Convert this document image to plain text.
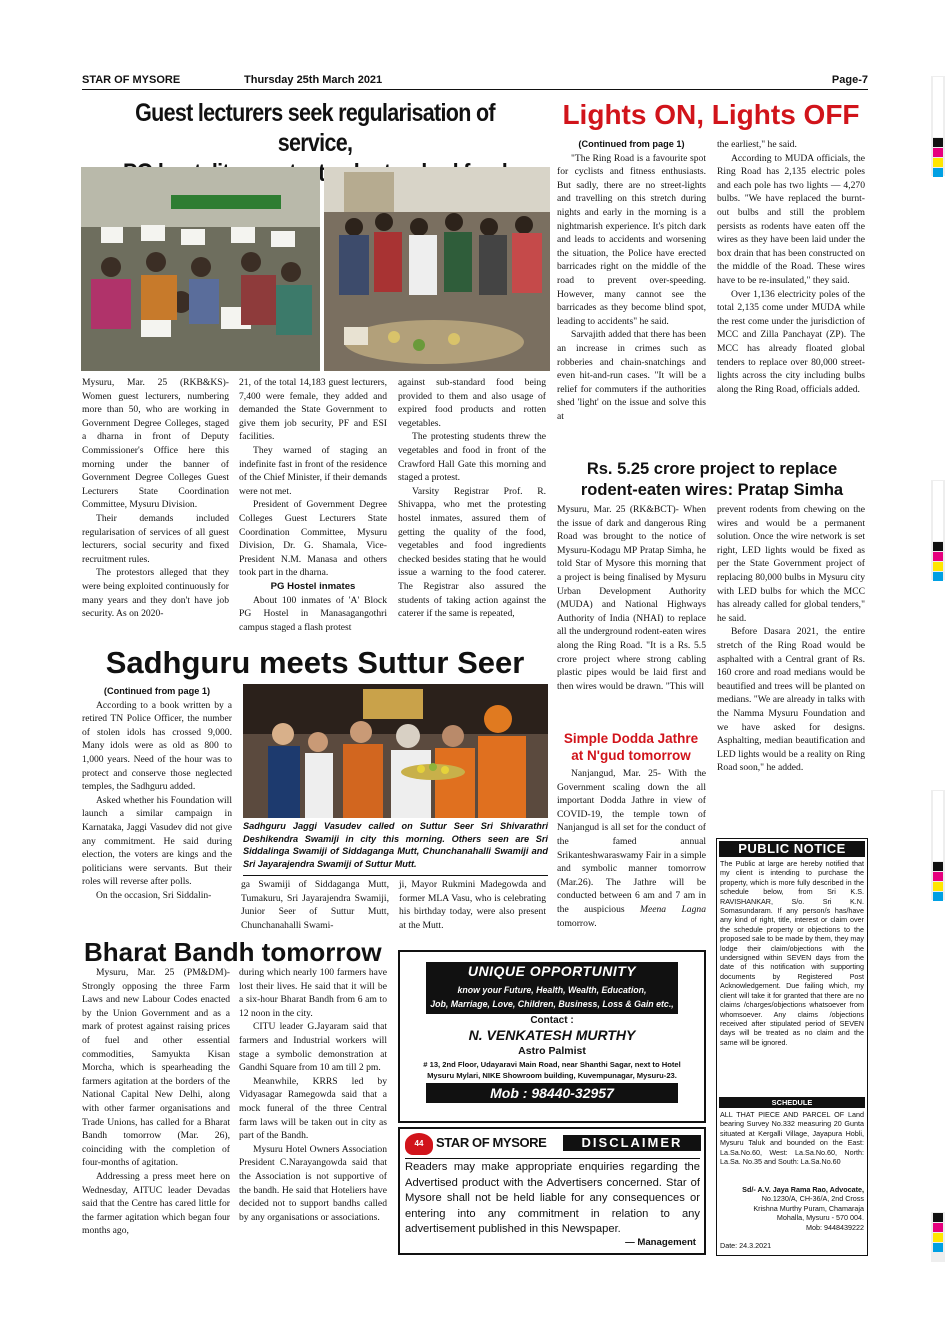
STAR OF MYSORE	Thursday 25th March 2021	Page-7
Guest lecturers seek regularisation of service,

Mysuru, Mar. 25 (RKB&KS)- Women guest lecturers, numbering more than 50, who are working in Government Degree Colleges, staged a dharna in front of Deputy Commissioner's Office here this morning under the banner of Government Degree Colleges Guest Lecturers State Coordination Committee, Mysuru Division.

Their demands included regularisation of services of all guest lecturers, social security and fixed recruitment rules.

The protestors alleged that they were being exploited continuously for many years and they don't have job security. As on 2020-

21, of the total 14,183 guest lecturers, 7,400 were female, they added and demanded the State Government to give them job security, PF and ESI facilities.

They warned of staging an indefinite fast in front of the residence of the Chief Minister, if their demands were not met.

President of Government Degree Colleges Guest Lecturers State Coordination Committee, Mysuru Division, Dr. G. Shamala, Vice-President N.M. Manasa and others took part in the dharna.

PG Hostel inmates

About 100 inmates of 'A' Block PG Hostel in Manasagangothri campus staged a flash protest

against sub-standard food being provided to them and also usage of expired food products and rotten vegetables.

The protesting students threw the vegetables and food in front of the Crawford Hall Gate this morning and staged a protest.

Varsity Registrar Prof. R. Shivappa, who met the protesting hostel inmates, assured them of getting the quality of the food, vegetables and food ingredients checked besides stating that he would issue a warning to the food caterer. The Registrar also assured the students of taking action against the caterer if the same is repeated,

Lights ON, Lights OFF
(Continued from page 1)

"The Ring Road is a favourite spot for cyclists and fitness enthusiasts. But sadly, there are no street-lights and travelling on this stretch during nights and early in the morning is a nightmarish experience. It's pitch dark and leads to accidents and worsening the situation, the Police have erected barricades right on the middle of the road to prevent over-speeding. However, many cannot see the barricades as they become blind spot, leading to accidents" he said.

Sarvajith added that there has been an increase in crimes such as robberies and chain-snatchings and even hit-and-run cases. "It will be a relief for commuters if the authorities shed 'light' on the issue and solve this at

the earliest," he said.

According to MUDA officials, the Ring Road has 2,135 electric poles and each pole has two lights — 4,270 bulbs. "We have replaced the burnt-out bulbs and still the problem persists as rodents have eaten off the wires as they have been laid under the box drain that has been constructed on the middle of the Road. These wires have to be re-insulated," they said.

Over 1,136 electricity poles of the total 2,135 come under MUDA while the rest come under the jurisdiction of MCC and Zilla Panchayat (ZP). The MCC has already floated global tenders to replace over 80,000 street-lights across the city including bulbs along the Ring Road, officials added.

Rs. 5.25 crore project to replace
rodent-eaten wires: Pratap Simha

Mysuru, Mar. 25 (RK&BCT)- When the issue of dark and dangerous Ring Road was brought to the notice of Mysuru-Kodagu MP Pratap Simha, he told Star of Mysore this morning that a project is being finalised by Mysuru Urban Development Authority (MUDA) and National Highways Authority of India (NHAI) to replace all the underground rodent-eaten wires along the Ring Road. "It is a Rs. 5.5 crore project where strong cabling plastic pipes would be laid first and then wires would be drawn. "This will

prevent rodents from chewing on the wires and would be a permanent solution. Once the wire network is set right, LED lights would be fixed as per the State Government project of replacing 80,000 bulbs in Mysuru city with LED bulbs for which the MCC has already called for global tenders," he said.

Before Dasara 2021, the entire stretch of the Ring Road would be asphalted with a Central grant of Rs. 160 crore and road medians would be beautified and trees will be planted on medians. "We are already in talks with the Namma Mysuru Foundation and we have asked for designs. Asphalting, median beautification and LED lights would be a reality on Ring Road soon," he added.

Simple Dodda Jathre
at N'gud tomorrow

Nanjangud, Mar. 25- With the Government scaling down the all important Dodda Jathre in view of COVID-19, the temple town of Nanjangud is all set for the conduct of the famed annual Srikanteshwaraswamy Fair in a simple and symbolic manner tomorrow (Mar.26). The Jathre will be conducted between 6 am and 7 am in the auspicious Meena Lagna tomorrow.

Sadhguru meets Suttur Seer
(Continued from page 1)

According to a book written by a retired TN Police Officer, the number of stolen idols has crossed 9,000. Many idols were as old as 800 to 1,000 years. Need of the hour was to protect and conserve those neglected temples, the Sadhguru added.

Asked whether his Foundation will launch a similar campaign in Karnataka, Jaggi Vasudev did not give any commitment. He said during election, the voters are kings and the politicians were servants. But their roles will reverse after polls.

On the occasion, Sri Siddalin-

Sadhguru Jaggi Vasudev called on Suttur Seer Sri Shivarathri Deshikendra Swamiji in city this morning. Others seen are Sri Siddalinga Swamiji of Siddaganga Mutt, Chunchanahalli Swamiji and Sri Jayarajendra Swamiji of Suttur Mutt.

ga Swamiji of Siddaganga Mutt, Tumakuru, Sri Jayarajendra Swamiji, Junior Seer of Suttur Mutt, Chunchanahalli Swami-

ji, Mayor Rukmini Madegowda and former MLA Vasu, who is celebrating his birthday today, were also present at the Mutt.

Bharat Bandh tomorrow

Mysuru, Mar. 25 (PM&DM)- Strongly opposing the three Farm Laws and new Labour Codes enacted by the Union Government and as a mark of protest against raising prices of fuel and other essential commodities, Samyukta Kisan Morcha, which is spearheading the farmers agitation at the borders of the National Capital New Delhi, along with other farmer organisations and Trade Unions, has called for a Bharat Bandh tomorrow (Mar. 26), coinciding with the completion of four-months of agitation.

Addressing a press meet here on Wednesday, AITUC leader Devadas said that the Centre has cared little for the farmer agitation which began four months ago,

during which nearly 100 farmers have lost their lives. He said that it will be a six-hour Bharat Bandh from 6 am to 12 noon in the city.

CITU leader G.Jayaram said that farmers and Industrial workers will stage a symbolic demonstration at Gandhi Square from 10 am till 2 pm.

Meanwhile, KRRS led by Vidyasagar Ramegowda said that a mock funeral of the three Central farm laws will be taken out in city as part of the Bandh.

Mysuru Hotel Owners Association President C.Narayangowda said that the Association is not supportive of the bandh. He said that Hoteliers have decided not to support bandhs called by any organisations or associations.

UNIQUE OPPORTUNITY
know your Future, Health, Wealth, Education,
Job, Marriage, Love, Children, Business, Loss & Gain etc.,
Contact :
N. VENKATESH MURTHY
Astro Palmist
# 13, 2nd Floor, Udayaravi Main Road, near Shanthi Sagar, next to Hotel
Mysuru Mylari, NIKE Showroom building, Kuvempunagar, Mysuru-23.
Mob : 98440-32957
44 STAR OF MYSORE	DISCLAIMER
Readers may make appropriate enquiries regarding the Advertised product with the Advertisers concerned. Star of Mysore shall not be held liable for any consequences or entering into any commitment in relation to any advertisement published in this Newspaper.
— Management
PUBLIC NOTICE
The Public at large are hereby notified that my client is intending to purchase the property, which is more fully described in the schedule below, from Sri K.S. RAVISHANKAR, S/o. Sri K.N. Somasundaram. If any person/s has/have any kind of right, title, interest or claim over the schedule property or objections to the proposed sale to be made by them, they may lodge their claim/objections with the undersigned within SEVEN days from the date of this notification with supporting documents by Registered Post Acknowledgement. Due failing which, my client will take it for granted that there are no claims /charges/objections whatsoever from whomsoever. Any claims /objections received after stipulated period of SEVEN days will be treated as no claim and the same will be ignored.
SCHEDULE
ALL THAT PIECE AND PARCEL OF Land bearing Survey No.332 measuring 20 Gunta situated at Kergalli Village, Jayapura Hobli, Mysuru Taluk and bounded on the East: La.Sa.No.60, West: La.Sa.No.60, North: La.Sa. No.35 and South: La.Sa.No.60
Sd/- A.V. Jaya Rama Rao, Advocate,
No.1230/A, CH-36/A, 2nd Cross
Krishna Murthy Puram, Chamaraja
Mohalla, Mysuru - 570 004.
Mob: 9448439222
Date: 24.3.2021
